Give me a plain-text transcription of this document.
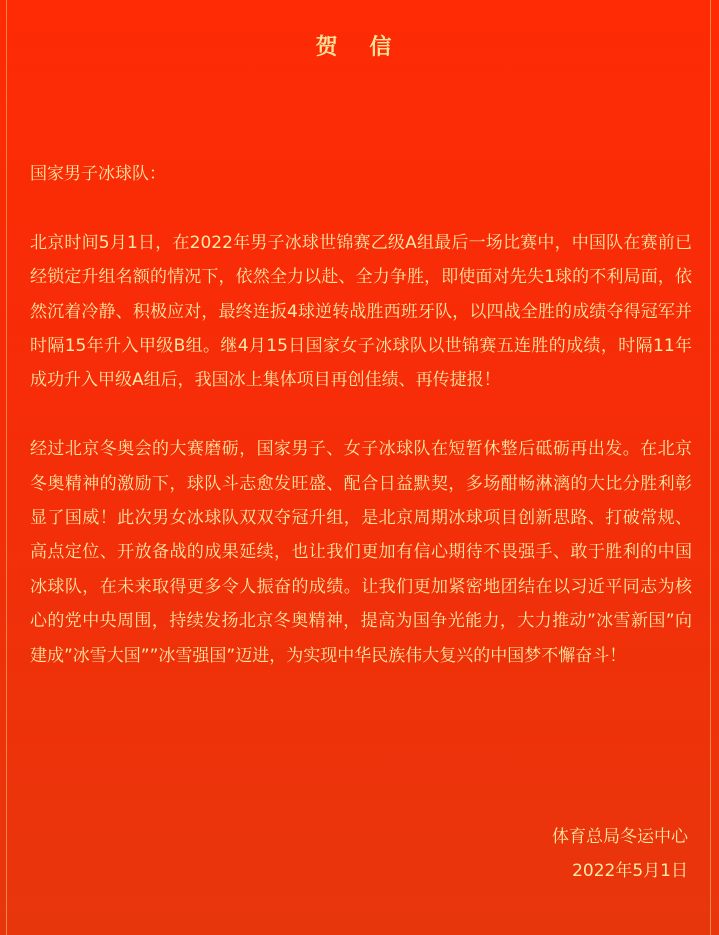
贺 信

国家男子冰球队：

北京时间5月1日，在2022年男子冰球世锦赛乙级A组最后一场比赛中，中国队在赛前已经锁定升组名额的情况下，依然全力以赴、全力争胜，即使面对先失1球的不利局面，依然沉着冷静、积极应对，最终连扳4球逆转战胜西班牙队，以四战全胜的成绩夺得冠军并时隔15年升入甲级B组。继4月15日国家女子冰球队以世锦赛五连胜的成绩，时隔11年成功升入甲级A组后，我国冰上集体项目再创佳绩、再传捷报！

经过北京冬奥会的大赛磨砺，国家男子、女子冰球队在短暂休整后砥砺再出发。在北京冬奥精神的激励下，球队斗志愈发旺盛、配合日益默契，多场酣畅淋漓的大比分胜利彰显了国威！此次男女冰球队双双夺冠升组，是北京周期冰球项目创新思路、打破常规、高点定位、开放备战的成果延续，也让我们更加有信心期待不畏强手、敢于胜利的中国冰球队，在未来取得更多令人振奋的成绩。让我们更加紧密地团结在以习近平同志为核心的党中央周围，持续发扬北京冬奥精神，提高为国争光能力，大力推动”冰雪新国”向建成”冰雪大国””冰雪强国”迈进，为实现中华民族伟大复兴的中国梦不懈奋斗！

体育总局冬运中心
2022年5月1日
